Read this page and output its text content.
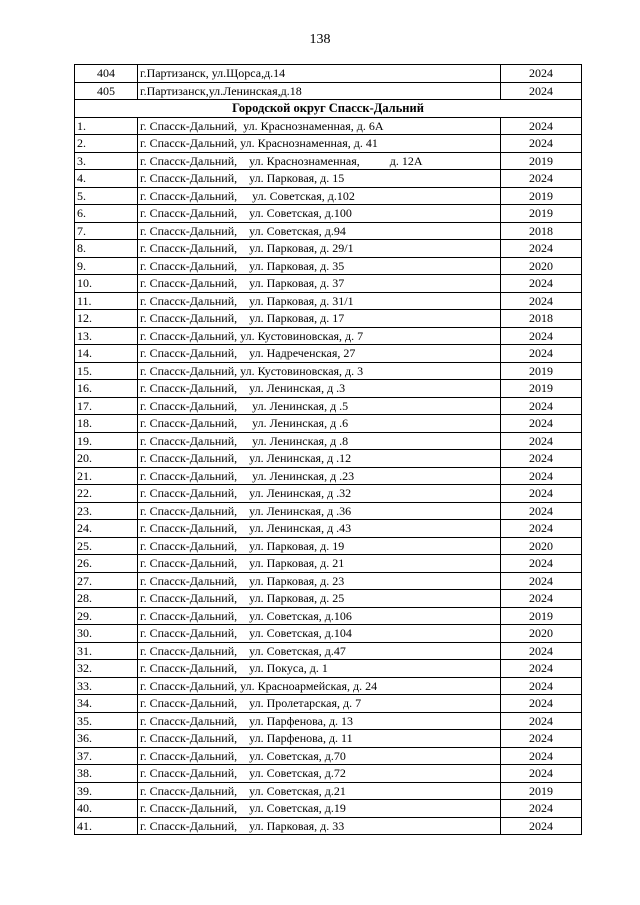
138
404	г.Партизанск, ул.Щорса,д.14	2024
405	г.Партизанск,ул.Ленинская,д.18	2024
Городской округ Спасск-Дальний		
1.	г. Спасск-Дальний,  ул. Краснознаменная, д. 6А	2024
2.	г. Спасск-Дальний, ул. Краснознаменная, д. 41	2024
3.	г. Спасск-Дальний,    ул. Краснознаменная,          д. 12А	2019
4.	г. Спасск-Дальний,    ул. Парковая, д. 15	2024
5.	г. Спасск-Дальний,     ул. Советская, д.102	2019
6.	г. Спасск-Дальний,    ул. Советская, д.100	2019
7.	г. Спасск-Дальний,    ул. Советская, д.94	2018
8.	г. Спасск-Дальний,    ул. Парковая, д. 29/1	2024
9.	г. Спасск-Дальний,    ул. Парковая, д. 35	2020
10.	г. Спасск-Дальний,    ул. Парковая, д. 37	2024
11.	г. Спасск-Дальний,    ул. Парковая, д. 31/1	2024
12.	г. Спасск-Дальний,    ул. Парковая, д. 17	2018
13.	г. Спасск-Дальний, ул. Кустовиновская, д. 7	2024
14.	г. Спасск-Дальний,    ул. Надреченская, 27	2024
15.	г. Спасск-Дальний, ул. Кустовиновская, д. 3	2019
16.	г. Спасск-Дальний,    ул. Ленинская, д .3	2019
17.	г. Спасск-Дальний,     ул. Ленинская, д .5	2024
18.	г. Спасск-Дальний,     ул. Ленинская, д .6	2024
19.	г. Спасск-Дальний,     ул. Ленинская, д .8	2024
20.	г. Спасск-Дальний,    ул. Ленинская, д .12	2024
21.	г. Спасск-Дальний,     ул. Ленинская, д .23	2024
22.	г. Спасск-Дальний,    ул. Ленинская, д .32	2024
23.	г. Спасск-Дальний,    ул. Ленинская, д .36	2024
24.	г. Спасск-Дальний,    ул. Ленинская, д .43	2024
25.	г. Спасск-Дальний,    ул. Парковая, д. 19	2020
26.	г. Спасск-Дальний,    ул. Парковая, д. 21	2024
27.	г. Спасск-Дальний,    ул. Парковая, д. 23	2024
28.	г. Спасск-Дальний,    ул. Парковая, д. 25	2024
29.	г. Спасск-Дальний,    ул. Советская, д.106	2019
30.	г. Спасск-Дальний,    ул. Советская, д.104	2020
31.	г. Спасск-Дальний,    ул. Советская, д.47	2024
32.	г. Спасск-Дальний,    ул. Покуса, д. 1	2024
33.	г. Спасск-Дальний, ул. Красноармейская, д. 24	2024
34.	г. Спасск-Дальний,    ул. Пролетарская, д. 7	2024
35.	г. Спасск-Дальний,    ул. Парфенова, д. 13	2024
36.	г. Спасск-Дальний,    ул. Парфенова, д. 11	2024
37.	г. Спасск-Дальний,    ул. Советская, д.70	2024
38.	г. Спасск-Дальний,    ул. Советская, д.72	2024
39.	г. Спасск-Дальний,    ул. Советская, д.21	2019
40.	г. Спасск-Дальний,    ул. Советская, д.19	2024
41.	г. Спасск-Дальний,    ул. Парковая, д. 33	2024
